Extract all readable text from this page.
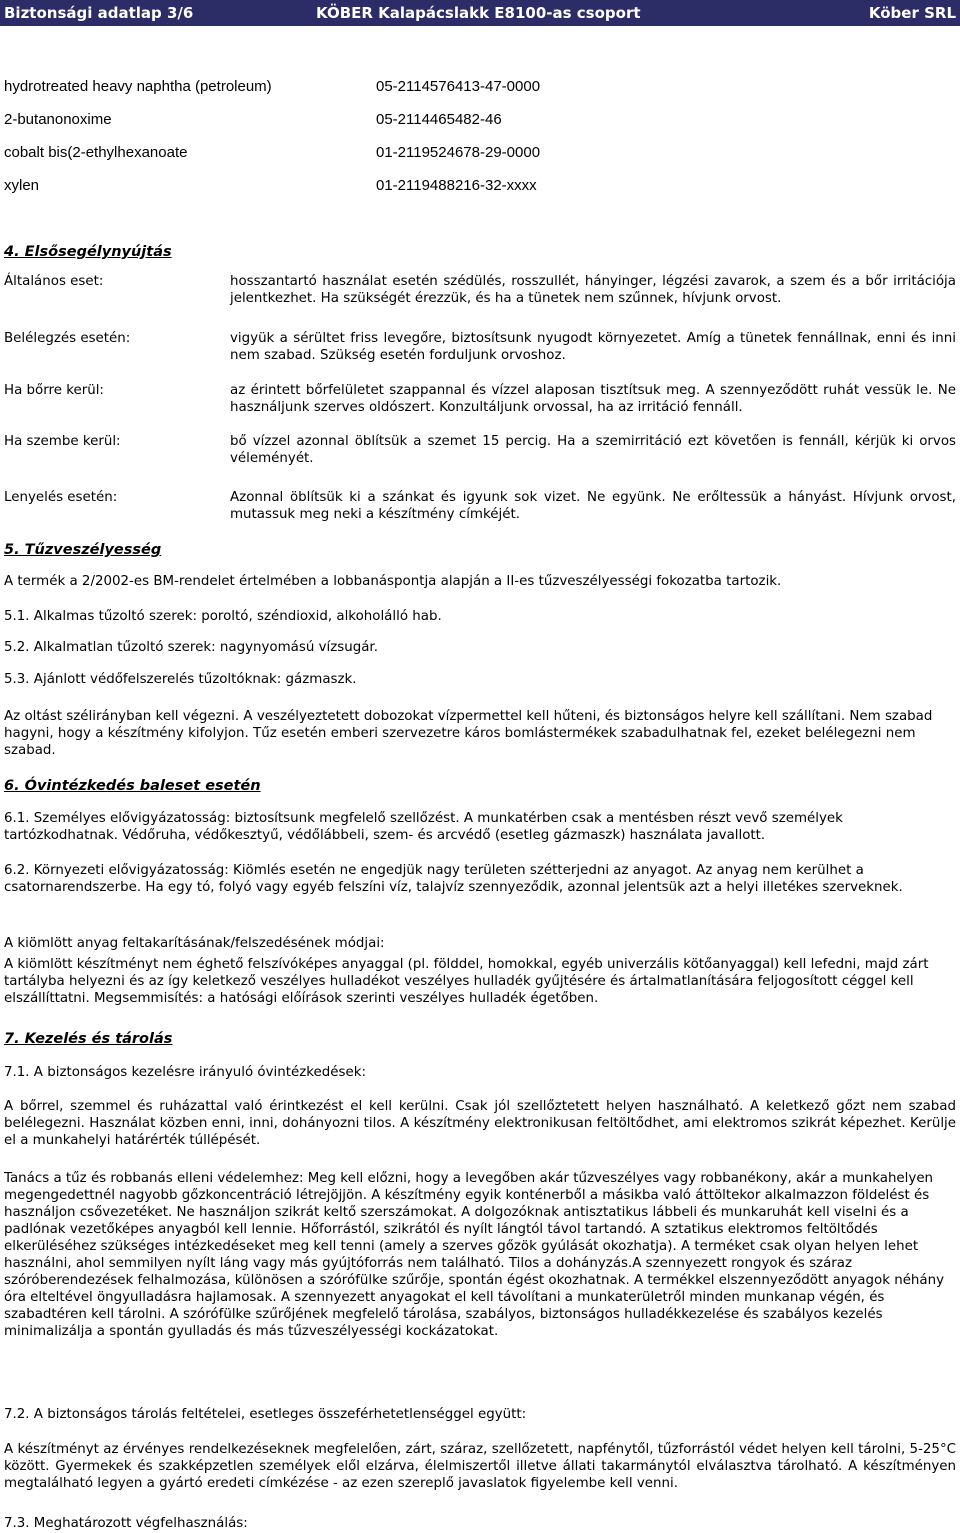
Biztonsági adatlap 3/6	KÖBER Kalapácslakk E8100-as csoport	Köber SRL
hydrotreated heavy naphtha (petroleum)	05-2114576413-47-0000
2-butanonoxime	05-2114465482-46
cobalt bis(2-ethylhexanoate	01-2119524678-29-0000
xylen	01-2119488216-32-xxxx
4. Elsősegélynyújtás
Általános eset:	hosszantartó használat esetén szédülés, rosszullét, hányinger, légzési zavarok, a szem és a bőr irritációja jelentkezhet. Ha szükségét érezzük, és ha a tünetek nem szűnnek, hívjunk orvost.
Belélegzés esetén:	vigyük a sérültet friss levegőre, biztosítsunk nyugodt környezetet. Amíg a tünetek fennállnak, enni és inni nem szabad. Szükség esetén forduljunk orvoshoz.
Ha bőrre kerül:	az érintett bőrfelületet szappannal és vízzel alaposan tisztítsuk meg. A szennyeződött ruhát vessük le. Ne használjunk szerves oldószert. Konzultáljunk orvossal, ha az irritáció fennáll.
Ha szembe kerül:	bő vízzel azonnal öblítsük a szemet 15 percig. Ha a szemirritáció ezt követően is fennáll, kérjük ki orvos véleményét.
Lenyelés esetén:	Azonnal öblítsük ki a szánkat és igyunk sok vizet. Ne együnk. Ne erőltessük a hányást. Hívjunk orvost, mutassuk meg neki a készítmény címkéjét.
5. Tűzveszélyesség
A termék a 2/2002-es BM-rendelet értelmében a lobbanáspontja alapján a II-es tűzveszélyességi fokozatba tartozik.
5.1. Alkalmas tűzoltó szerek: poroltó, széndioxid, alkoholálló hab.
5.2. Alkalmatlan tűzoltó szerek: nagynyomású vízsugár.
5.3. Ajánlott védőfelszerelés tűzoltóknak: gázmaszk.
Az oltást szélirányban kell végezni. A veszélyeztetett dobozokat vízpermettel kell hűteni, és biztonságos helyre kell szállítani. Nem szabad hagyni, hogy a készítmény kifolyjon. Tűz esetén emberi szervezetre káros bomlástermékek szabadulhatnak fel, ezeket belélegezni nem szabad.
6. Óvintézkedés baleset esetén
6.1. Személyes elővigyázatosság: biztosítsunk megfelelő szellőzést. A munkatérben csak a mentésben részt vevő személyek tartózkodhatnak. Védőruha, védőkesztyű, védőlábbeli, szem- és arcvédő (esetleg gázmaszk) használata javallott.
6.2. Környezeti elővigyázatosság: Kiömlés esetén ne engedjük nagy területen szétterjedni az anyagot. Az anyag nem kerülhet a csatornarendszerbe. Ha egy tó, folyó vagy egyéb felszíni víz, talajvíz szennyeződik, azonnal jelentsük azt a helyi illetékes szerveknek.
A kiömlött anyag feltakarításának/felszedésének módjai:
A kiömlött készítményt nem éghető felszívóképes anyaggal (pl. földdel, homokkal, egyéb univerzális kötőanyaggal) kell lefedni, majd zárt tartályba helyezni és az így keletkező veszélyes hulladékot veszélyes hulladék gyűjtésére és ártalmatlanítására feljogosított céggel kell elszállíttatni. Megsemmisítés: a hatósági előírások szerinti veszélyes hulladék égetőben.
7. Kezelés és tárolás
7.1. A biztonságos kezelésre irányuló óvintézkedések:
A bőrrel, szemmel és ruházattal való érintkezést el kell kerülni. Csak jól szellőztetett helyen használható. A keletkező gőzt nem szabad belélegezni. Használat közben enni, inni, dohányozni tilos. A készítmény elektronikusan feltöltődhet, ami elektromos szikrát képezhet. Kerülje el a munkahelyi határérték túllépését.
Tanács a tűz és robbanás elleni védelemhez: Meg kell előzni, hogy a levegőben akár tűzveszélyes vagy robbanékony, akár a munkahelyen megengedettnél nagyobb gőzkoncentráció létrejöjjön. A készítmény egyik konténerből a másikba való áttöltekor alkalmazzon földelést és használjon csővezetéket. Ne használjon szikrát keltő szerszámokat. A dolgozóknak antisztatikus lábbeli és munkaruhát kell viselni és a padlónak vezetőképes anyagból kell lennie. Hőforrástól, szikrától és nyílt lángtól távol tartandó. A sztatikus elektromos feltöltődés elkerüléséhez szükséges intézkedéseket meg kell tenni (amely a szerves gőzök gyúlását okozhatja). A terméket csak olyan helyen lehet használni, ahol semmilyen nyílt láng vagy más gyújtóforrás nem található. Tilos a dohányzás.A szennyezett rongyok és száraz szóróberendezések felhalmozása, különösen a szórófülke szűrője, spontán égést okozhatnak. A termékkel elszennyeződött anyagok néhány óra elteltével öngyulladásra hajlamosak. A szennyezett anyagokat el kell távolítani a munkaterületről minden munkanap végén, és szabadtéren kell tárolni. A szórófülke szűrőjének megfelelő tárolása, szabályos, biztonságos hulladékkezelése és szabályos kezelés minimalizálja a spontán gyulladás és más tűzveszélyességi kockázatokat.
7.2. A biztonságos tárolás feltételei, esetleges összeférhetetlenséggel együtt:
A készítményt az érvényes rendelkezéseknek megfelelően, zárt, száraz, szellőzetett, napfénytől, tűzforrástól védet helyen kell tárolni, 5-25°C között. Gyermekek és szakképzetlen személyek elől elzárva, élelmiszertől illetve állati takarmánytól elválasztva tárolható. A készítményen megtalálható legyen a gyártó eredeti címkézése - az ezen szereplő javaslatok figyelembe kell venni.
7.3. Meghatározott végfelhasználás:
